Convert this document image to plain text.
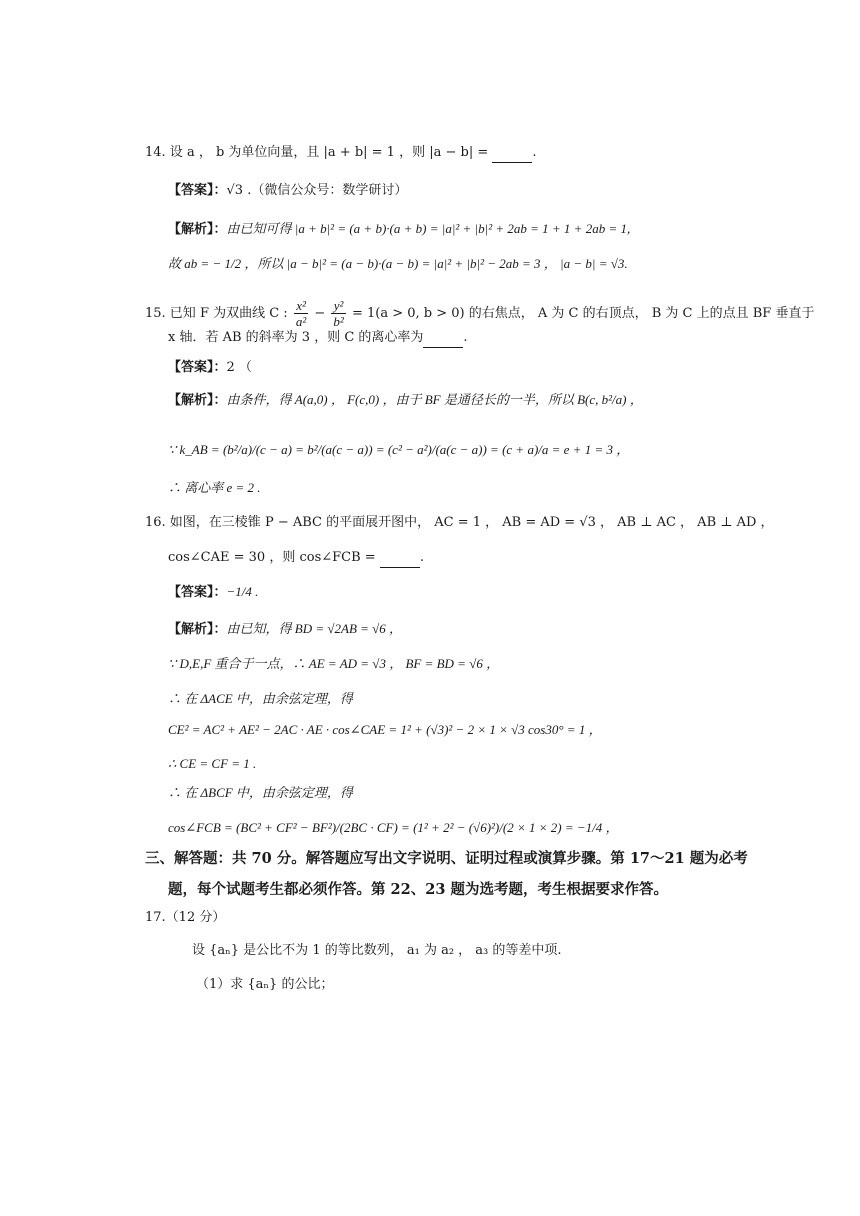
14. 设 a ， b 为单位向量，且 |a + b| = 1 ，则 |a − b| =	.
【答案】：√3 .（微信公众号：数学研讨）
【解析】：由已知可得 |a + b|² = (a + b)·(a + b) = |a|² + |b|² + 2ab = 1 + 1 + 2ab = 1,
故 ab = − 1/2 ，所以 |a − b|² = (a − b)·(a − b) = |a|² + |b|² − 2ab = 3 ， |a − b| = √3.
15. 已知 F 为双曲线 C : $\frac{\text{x²}}{\text{a²}} - \frac{\text{y²}}{\text{b²}} = 1(a > 0$, b > 0) 的右焦点， A 为 C 的右顶点， B 为 C 上的点且 BF 垂直于
x 轴．若 AB 的斜率为 3 ，则 C 的离心率为	.
【答案】：2 （
【解析】：由条件，得 A(a,0) ， F(c,0) ，由于 BF 是通径长的一半，所以 B(c, b²/a) ，
∵ k_AB = (b²/a)/(c − a) = b²/(a(c − a)) = (c² − a²)/(a(c − a)) = (c + a)/a = e + 1 = 3 ，
∴ 离心率 e = 2 .
16. 如图，在三棱锥 P − ABC 的平面展开图中， AC = 1 ， AB = AD = √3 ， AB ⊥ AC ， AB ⊥ AD ，
cos∠CAE = 30 ，则 cos∠FCB =	.
【答案】：−1/4 .
【解析】：由已知，得 BD = √2AB = √6 ，
∵ D,E,F 重合于一点，∴ AE = AD = √3 ， BF = BD = √6 ，
∴ 在 ΔACE 中，由余弦定理，得
CE² = AC² + AE² − 2AC · AE · cos∠CAE = 1² + (√3)² − 2 × 1 × √3 cos30° = 1 ，
∴ CE = CF = 1 .
∴ 在 ΔBCF 中，由余弦定理，得
cos∠FCB = (BC² + CF² − BF²)/(2BC · CF) = (1² + 2² − (√6)²)/(2 × 1 × 2) = −1/4 ，
三、解答题：共 70 分。解答题应写出文字说明、证明过程或演算步骤。第 17～21 题为必考
题，每个试题考生都必须作答。第 22、23 题为选考题，考生根据要求作答。
17.（12 分）
设 {aₙ} 是公比不为 1 的等比数列， a₁ 为 a₂ ， a₃ 的等差中项.
（1）求 {aₙ} 的公比；
